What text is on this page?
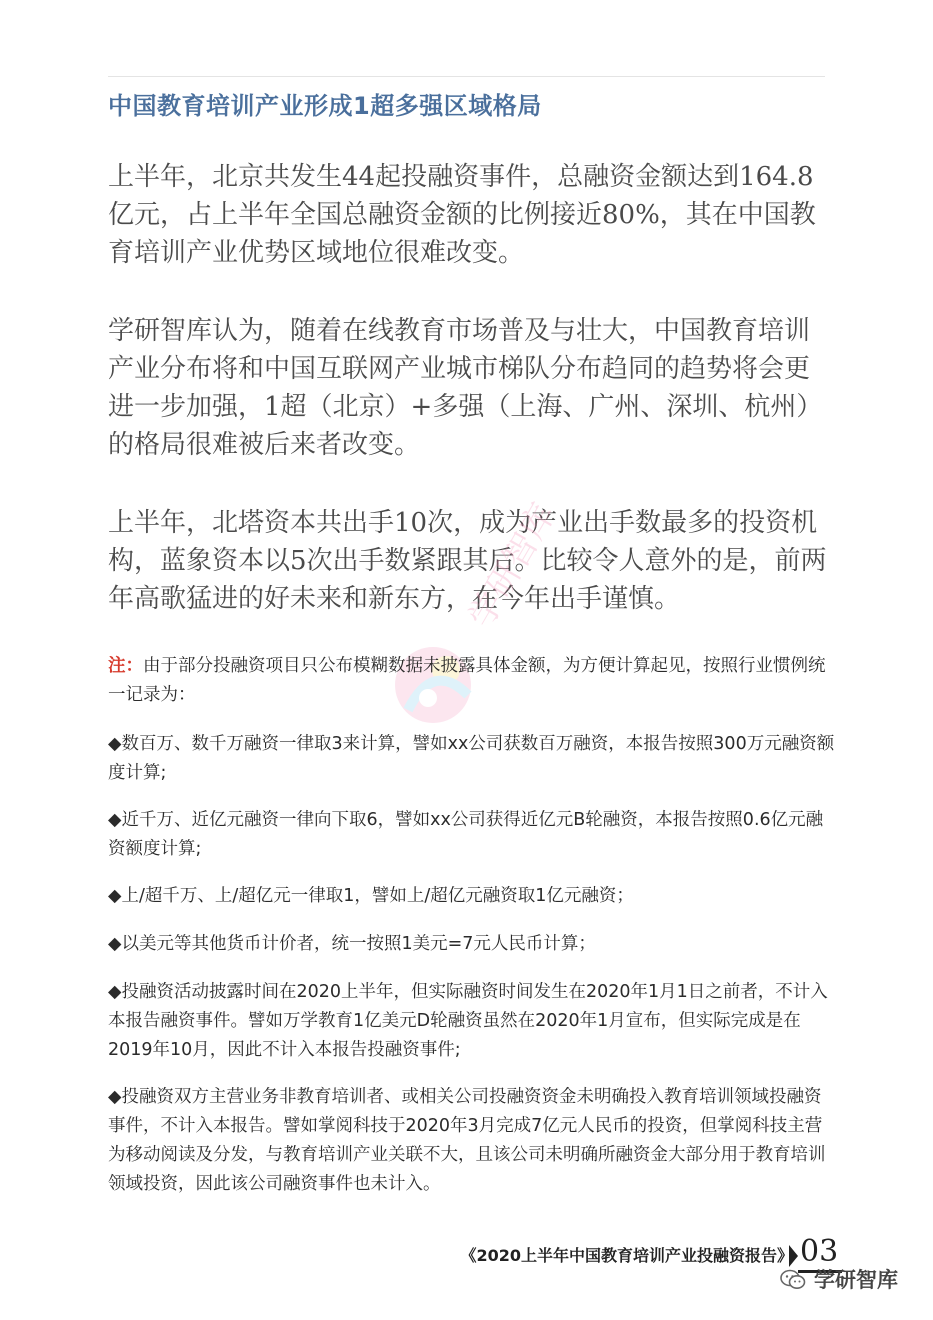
中国教育培训产业形成1超多强区域格局
上半年，北京共发生44起投融资事件，总融资金额达到164.8亿元，占上半年全国总融资金额的比例接近80%，其在中国教育培训产业优势区域地位很难改变。
学研智库认为，随着在线教育市场普及与壮大，中国教育培训产业分布将和中国互联网产业城市梯队分布趋同的趋势将会更进一步加强，1超（北京）+多强（上海、广州、深圳、杭州）的格局很难被后来者改变。
上半年，北塔资本共出手10次，成为产业出手数最多的投资机构，蓝象资本以5次出手数紧跟其后。比较令人意外的是，前两年高歌猛进的好未来和新东方，在今年出手谨慎。
学研智库
注：由于部分投融资项目只公布模糊数据未披露具体金额，为方便计算起见，按照行业惯例统一记录为：
◆数百万、数千万融资一律取3来计算，譬如xx公司获数百万融资，本报告按照300万元融资额度计算;
◆近千万、近亿元融资一律向下取6，譬如xx公司获得近亿元B轮融资，本报告按照0.6亿元融资额度计算;
◆上/超千万、上/超亿元一律取1，譬如上/超亿元融资取1亿元融资；
◆以美元等其他货币计价者，统一按照1美元=7元人民币计算；
◆投融资活动披露时间在2020上半年，但实际融资时间发生在2020年1月1日之前者，不计入本报告融资事件。譬如万学教育1亿美元D轮融资虽然在2020年1月宣布，但实际完成是在2019年10月，因此不计入本报告投融资事件;
◆投融资双方主营业务非教育培训者、或相关公司投融资资金未明确投入教育培训领域投融资事件，不计入本报告。譬如掌阅科技于2020年3月完成7亿元人民币的投资，但掌阅科技主营为移动阅读及分发，与教育培训产业关联不大，且该公司未明确所融资金大部分用于教育培训领域投资，因此该公司融资事件也未计入。
《2020上半年中国教育培训产业投融资报告》 03
学研智库
